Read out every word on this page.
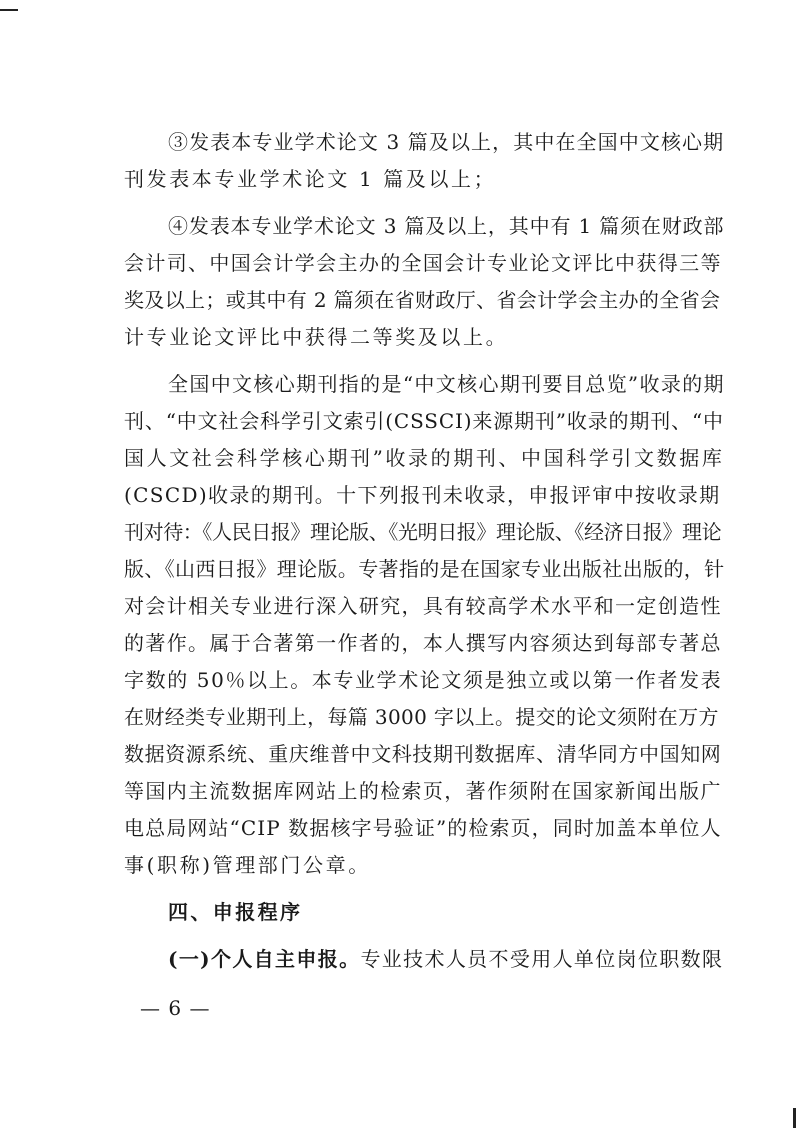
③发表本专业学术论文 3 篇及以上，其中在全国中文核心期
刊发表本专业学术论文 1 篇及以上；
④发表本专业学术论文 3 篇及以上，其中有 1 篇须在财政部
会计司、中国会计学会主办的全国会计专业论文评比中获得三等
奖及以上；或其中有 2 篇须在省财政厅、省会计学会主办的全省会
计专业论文评比中获得二等奖及以上。
全国中文核心期刊指的是“中文核心期刊要目总览”收录的期
刊、“中文社会科学引文索引(CSSCI)来源期刊”收录的期刊、“中
国人文社会科学核心期刊”收录的期刊、中国科学引文数据库
(CSCD)收录的期刊。十下列报刊未收录，申报评审中按收录期
刊对待：《人民日报》理论版、《光明日报》理论版、《经济日报》理论
版、《山西日报》理论版。专著指的是在国家专业出版社出版的，针
对会计相关专业进行深入研究，具有较高学术水平和一定创造性
的著作。属于合著第一作者的，本人撰写内容须达到每部专著总
字数的 50％以上。本专业学术论文须是独立或以第一作者发表
在财经类专业期刊上，每篇 3000 字以上。提交的论文须附在万方
数据资源系统、重庆维普中文科技期刊数据库、清华同方中国知网
等国内主流数据库网站上的检索页，著作须附在国家新闻出版广
电总局网站“CIP 数据核字号验证”的检索页，同时加盖本单位人
事(职称)管理部门公章。
四、申报程序
(一)个人自主申报。专业技术人员不受用人单位岗位职数限
— 6 —
